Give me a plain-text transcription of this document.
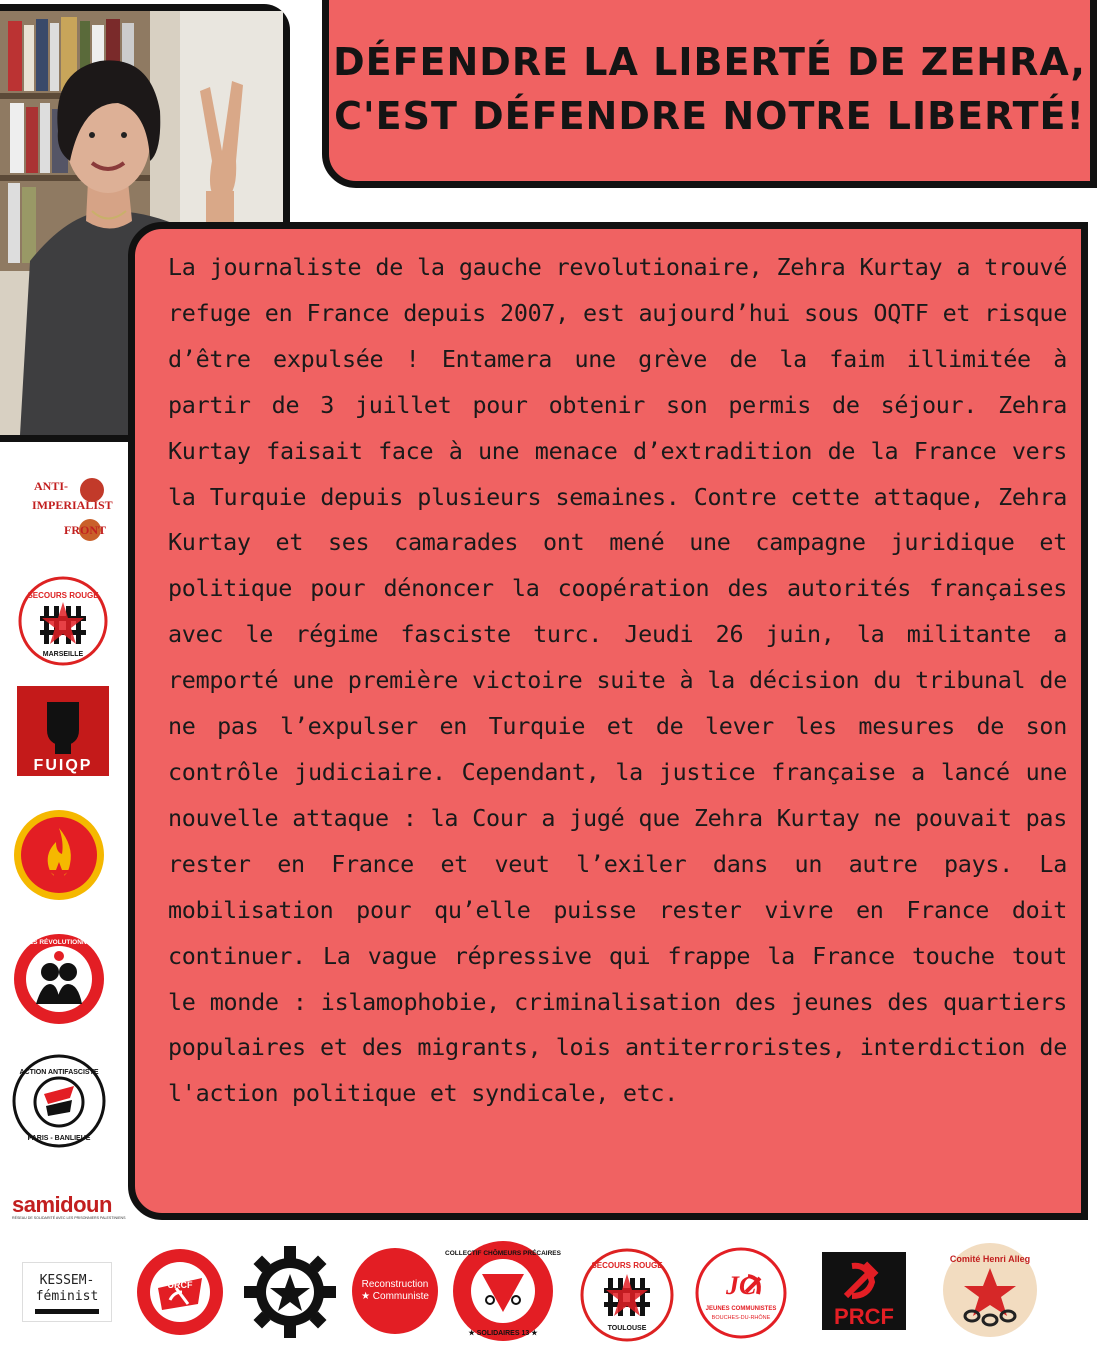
DÉFENDRE LA LIBERTÉ DE ZEHRA,
C'EST DÉFENDRE NOTRE LIBERTÉ!

La journaliste de la gauche revolutionaire, Zehra Kurtay a trouvé refuge en France depuis 2007, est aujourd’hui sous OQTF et risque d’être expulsée ! Entamera une grève de la faim illimitée à partir de 3 juillet pour obtenir son permis de séjour. Zehra Kurtay faisait face à une menace d’extradition de la France vers la Turquie depuis plusieurs semaines. Contre cette attaque, Zehra Kurtay et ses camarades ont mené une campagne juridique et politique pour dénoncer la coopération des autorités françaises avec le régime fasciste turc. Jeudi 26 juin, la militante a remporté une première victoire suite à la décision du tribunal de ne pas l’expulser en Turquie et de lever les mesures de son contrôle judiciaire. Cependant, la justice française a lancé une nouvelle attaque : la Cour a jugé que Zehra Kurtay ne pouvait pas rester en France et veut l’exiler dans un autre pays. La mobilisation pour qu’elle puisse rester vivre en France doit continuer. La vague répressive qui frappe la France touche tout le monde : islamophobie, criminalisation des jeunes des quartiers populaires et des migrants, lois antiterroristes, interdiction de l'action politique et syndicale, etc.

ANTI-
IMPERIALIST
FRONT
SECOURS ROUGE
MARSEILLE
FUIQP
JEUNES RÉVOLUTIONNAIRES
ACTION ANTIFASCISTE
PARIS - BANLIEUE
samidoun
RÉSEAU DE SOLIDARITÉ AVEC LES PRISONNIERS PALESTINIENS
KESSEM-
féminist
URCF	Reconstruction
★ Communiste
COLLECTIF CHÔMEURS PRÉCAIRES
★ SOLIDAIRES 13 ★
SECOURS ROUGE
TOULOUSE
JC
JEUNES COMMUNISTES
BOUCHES-DU-RHÔNE	PRCF
Comité Henri Alleg
